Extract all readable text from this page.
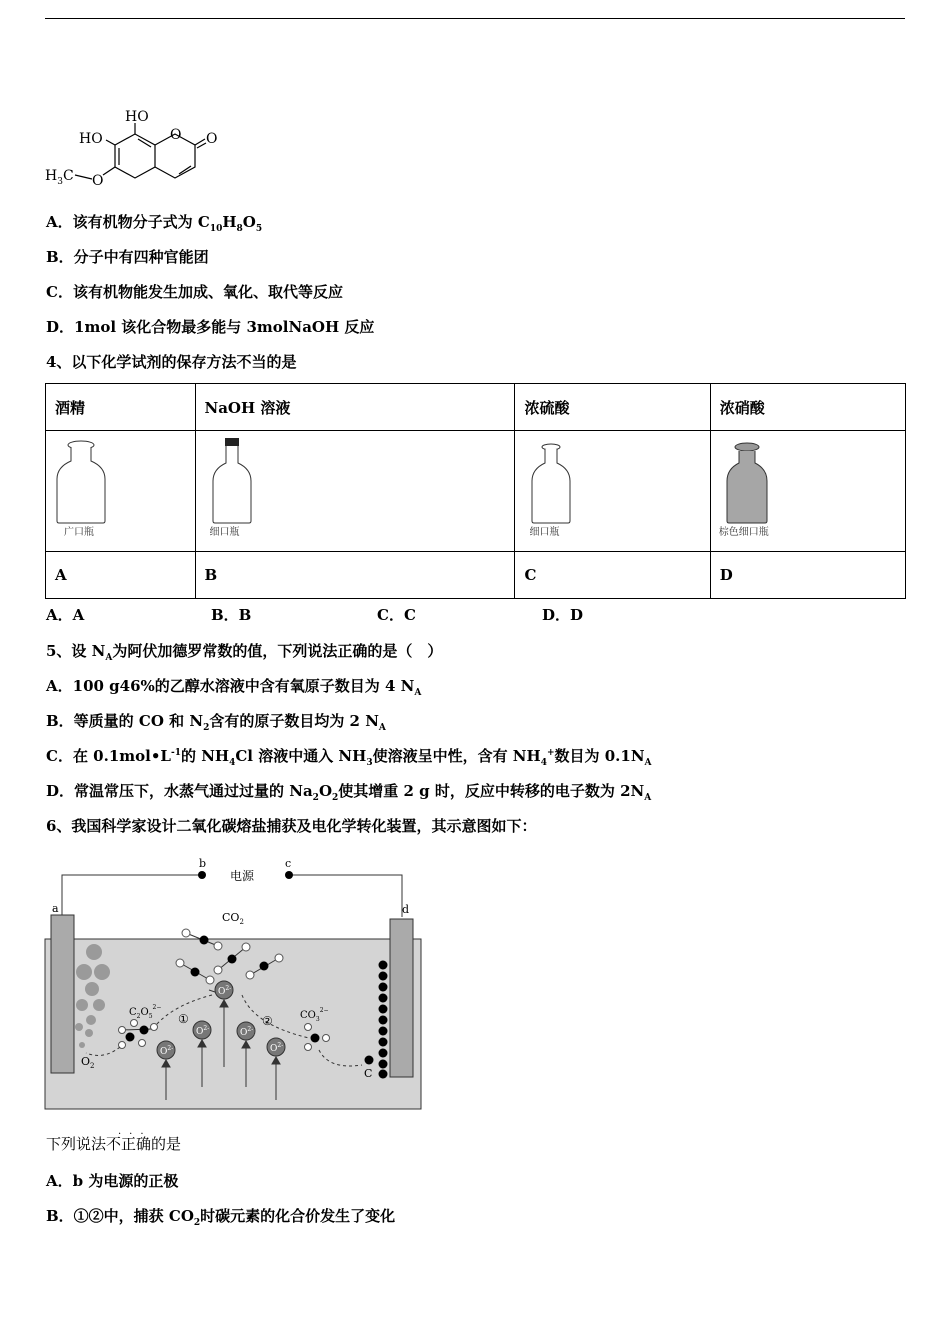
HO
HO	O O
O
$H_3C$
A．该有机物分子式为 $C_{10}H_8O_5$
B．分子中有四种官能团
C．该有机物能发生加成、氧化、取代等反应
D．1mol 该化合物最多能与 3molNaOH 反应
4、以下化学试剂的保存方法不当的是
酒精	NaOH 溶液	浓硫酸	浓硝酸

广口瓶	细口瓶	细口瓶	棕色细口瓶

A	B	C	D
A．A	B．B	C．C	D．D
5、设 $N_A$为阿伏加德罗常数的值，下列说法正确的是（　）
A．100 g46%的乙醇水溶液中含有氧原子数目为 4 $N_A$
B．等质量的 CO 和 $N_2$含有的原子数目均为 2 $N_A$
C．在 $0.1mol•L^{-1}$的 $NH_4Cl$ 溶液中通入 $NH_3$使溶液呈中性，含有 $NH_4^+$数目为 $0.1N_A$
D．常温常压下，水蒸气通过过量的 $Na_2O_2$使其增重 2 g 时，反应中转移的电子数为 $2N_A$
6、我国科学家设计二氧化碳熔盐捕获及电化学转化装置，其示意图如下：
b	c
电源
a	d
$O_2$
C
$CO_2$
$O^{2-}$
$O^{2-}$	$O^{2-}$
$O^{2-}$	$O^{2-}$
$C_2O_5^{2-}$
$CO_3^{2-}$
①	②
...
下列说法不正确的是
A．b 为电源的正极
B．①②中，捕获 $CO_2$时碳元素的化合价发生了变化
